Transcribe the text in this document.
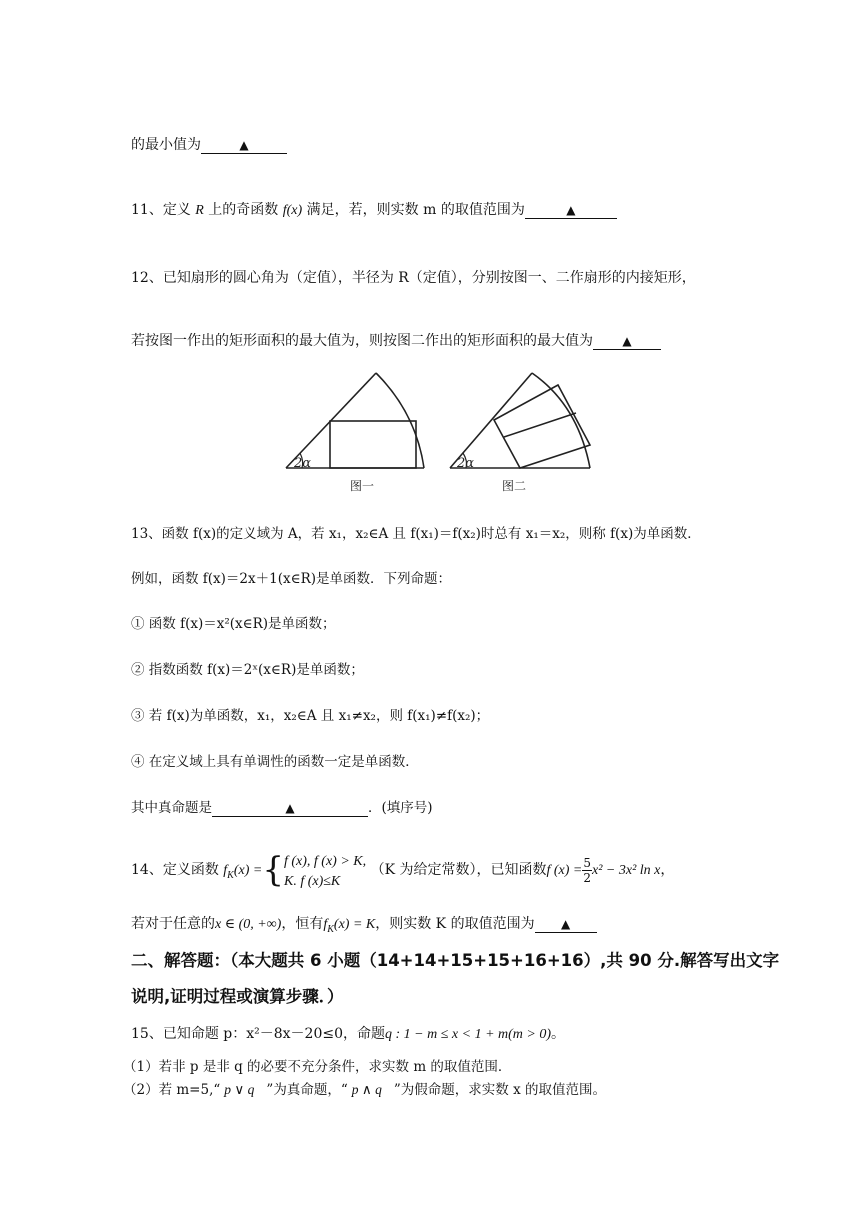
的最小值为	▲
11、定义 R 上的奇函数 f(x) 满足，若，则实数 m 的取值范围为	▲
12、已知扇形的圆心角为（定值），半径为 R（定值），分别按图一、二作扇形的内接矩形，
若按图一作出的矩形面积的最大值为，则按图二作出的矩形面积的最大值为 ▲
2α
图一
2α
图二
13、函数 f(x)的定义域为 A，若 x₁，x₂∈A 且 f(x₁)＝f(x₂)时总有 x₁＝x₂，则称 f(x)为单函数．
例如，函数 f(x)＝2x＋1(x∈R)是单函数．下列命题：
① 函数 f(x)＝x²(x∈R)是单函数；
② 指数函数 f(x)＝2ˣ(x∈R)是单函数；
③ 若 f(x)为单函数，x₁，x₂∈A 且 x₁≠x₂，则 f(x₁)≠f(x₂)；
④ 在定义域上具有单调性的函数一定是单函数．
其中真命题是	▲	．(填序号)
14、定义函数 $f_K(x)$ ={ f (x), f (x) > K,
K. f (x)≤K
（K 为给定常数），已知函数f $(x) = \frac{5}{2} x^2 - 3x^2$ ln x，
若对于任意的x ∈ (0, +∞)，恒有$f_K(x) = K$，则实数 K 的取值范围为 ▲
二、解答题：（本大题共 6 小题（14+14+15+15+16+16）,共 90 分.解答写出文字
说明,证明过程或演算步骤．）
15、已知命题 p：x²－8x－20≤0，命题q : 1 − m ≤ x < 1 + m(m > 0)。
（1）若非 p 是非 q 的必要不充分条件，求实数 m 的取值范围．
（2）若 m=5,“ p ∨ q ”为真命题，“ p ∧ q ”为假命题，求实数 x 的取值范围。
